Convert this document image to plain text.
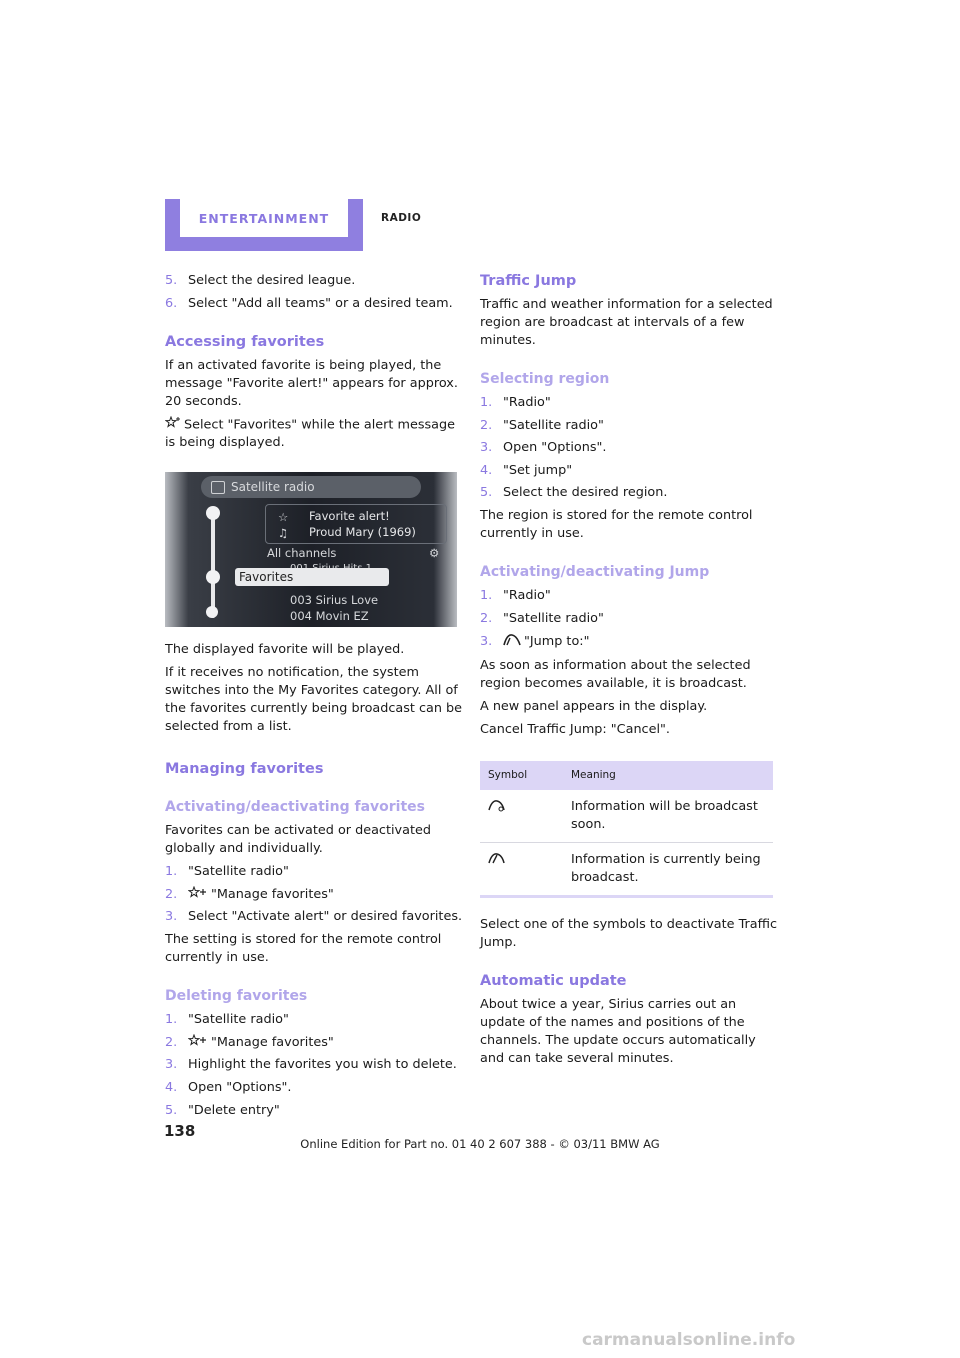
ENTERTAINMENT	RADIO
5. Select the desired league.
6. Select "Add all teams" or a desired team.
Accessing favorites

If an activated favorite is being played, the message "Favorite alert!" appears for approx. 20 seconds.

Select "Favorites" while the alert message is being displayed.

Satellite radio
☆
♫
Favorite alert!
Proud Mary (1969)
All channels	⚙
Favorites
003 Sirius Love
004 Movin EZ

The displayed favorite will be played.

If it receives no notification, the system switches into the My Favorites category. All of the favorites currently being broadcast can be selected from a list.

Managing favorites
Activating/deactivating favorites

Favorites can be activated or deactivated globally and individually.

1. "Satellite radio"
2.	"Manage favorites"
3. Select "Activate alert" or desired favorites.

The setting is stored for the remote control currently in use.

Deleting favorites
1. "Satellite radio"
2.	"Manage favorites"
3. Highlight the favorites you wish to delete.
4. Open "Options".
5. "Delete entry"
Traffic Jump

Traffic and weather information for a selected region are broadcast at intervals of a few minutes.

Selecting region
1. "Radio"
2. "Satellite radio"
3. Open "Options".
4. "Set jump"
5. Select the desired region.

The region is stored for the remote control currently in use.

Activating/deactivating Jump
1. "Radio"
2. "Satellite radio"
3.	"Jump to:"

As soon as information about the selected region becomes available, it is broadcast.

A new panel appears in the display.

Cancel Traffic Jump: "Cancel".

Symbol	Meaning
	Information will be broadcast soon.
	Information is currently being broadcast.

Select one of the symbols to deactivate Traffic Jump.

Automatic update

About twice a year, Sirius carries out an update of the names and positions of the channels. The update occurs automatically and can take several minutes.

138
Online Edition for Part no. 01 40 2 607 388 - © 03/11 BMW AG
carmanualsonline.info
